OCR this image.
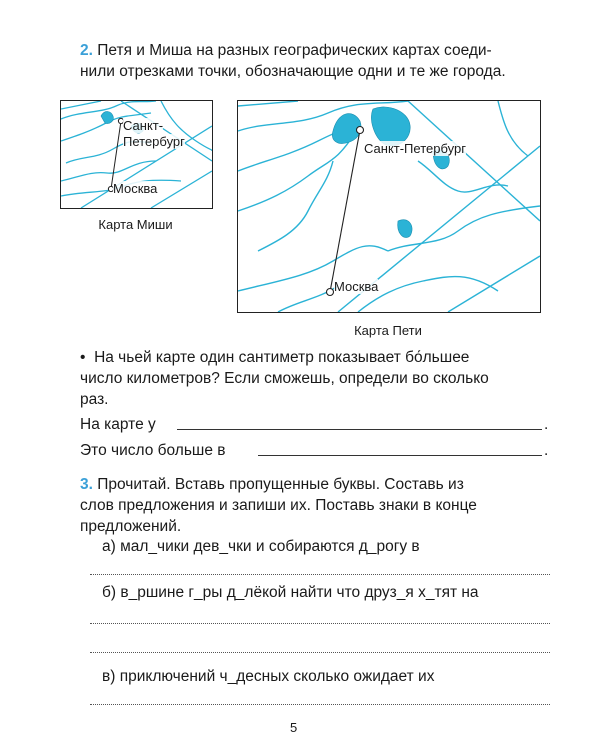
2. Петя и Миша на разных географических картах соеди-
нили отрезками точки, обозначающие одни и те же города.
Санкт-
Петербург
Москва
Карта Миши
Санкт-Петербург
Москва
Карта Пети
• На чьей карте один сантиметр показывает бо́льшее
число километров? Если сможешь, определи во сколько
раз.
На карте у	.
Это число больше в	.
3. Прочитай. Вставь пропущенные буквы. Составь из
слов предложения и запиши их. Поставь знаки в конце
предложений.
а) мал_чики дев_чки и собираются д_рогу в
б) в_ршине г_ры д_лёкой найти что друз_я х_тят на
в) приключений ч_десных сколько ожидает их
5
